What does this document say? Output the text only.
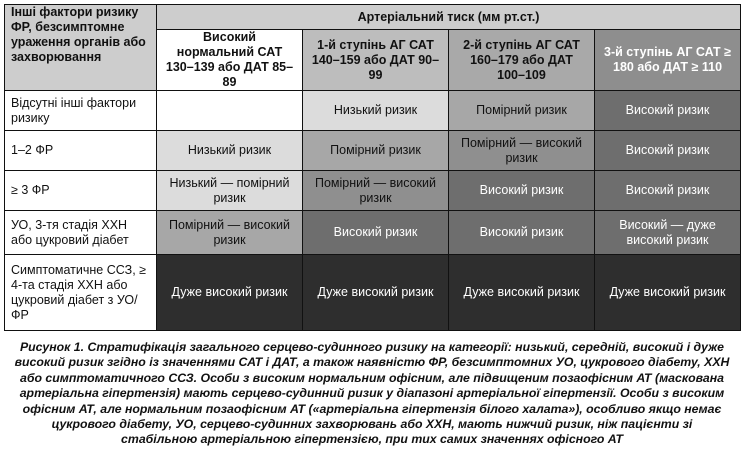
Інші фактори ризику ФР, безсимптомне ураження органів або захворювання	Артеріальний тиск (мм рт.ст.)			
	Високий нормальний САТ 130–139 або ДАТ 85–89	1-й ступінь АГ САТ 140–159 або ДАТ 90–99	2-й ступінь АГ САТ 160–179 або ДАТ 100–109	3-й ступінь АГ САТ ≥ 180 або ДАТ ≥ 110
Відсутні інші фактори ризику		Низький ризик	Помірний ризик	Високий ризик
1–2 ФР	Низький ризик	Помірний ризик	Помірний — високий ризик	Високий ризик
≥ 3 ФР	Низький — помірний ризик	Помірний — високий ризик	Високий ризик	Високий ризик
УО, 3-тя стадія ХХН або цукровий діабет	Помірний — високий ризик	Високий ризик	Високий ризик	Високий — дуже високий ризик
Симптоматичне ССЗ, ≥ 4-та стадія ХХН або цукровий діабет з УО/ФР	Дуже високий ризик	Дуже високий ризик	Дуже високий ризик	Дуже високий ризик
Рисунок 1. Стратифікація загального серцево-судинного ризику на категорії: низький, середній, високий і дуже високий ризик згідно із значеннями САТ і ДАТ, а також наявністю ФР, безсимптомних УО, цукрового діабету, ХХН або симптоматичного ССЗ. Особи з високим нормальним офісним, але підвищеним позаофісним АТ (маскована артеріальна гіпертензія) мають серцево-судинний ризик у діапазоні артеріальної гіпертензії. Особи з високим офісним АТ, але нормальним позаофісним АТ («артеріальна гіпертензія білого халата»), особливо якщо немає цукрового діабету, УО, серцево-судинних захворювань або ХХН, мають нижчий ризик, ніж пацієнти зі стабільною артеріальною гіпертензією, при тих самих значеннях офісного АТ
